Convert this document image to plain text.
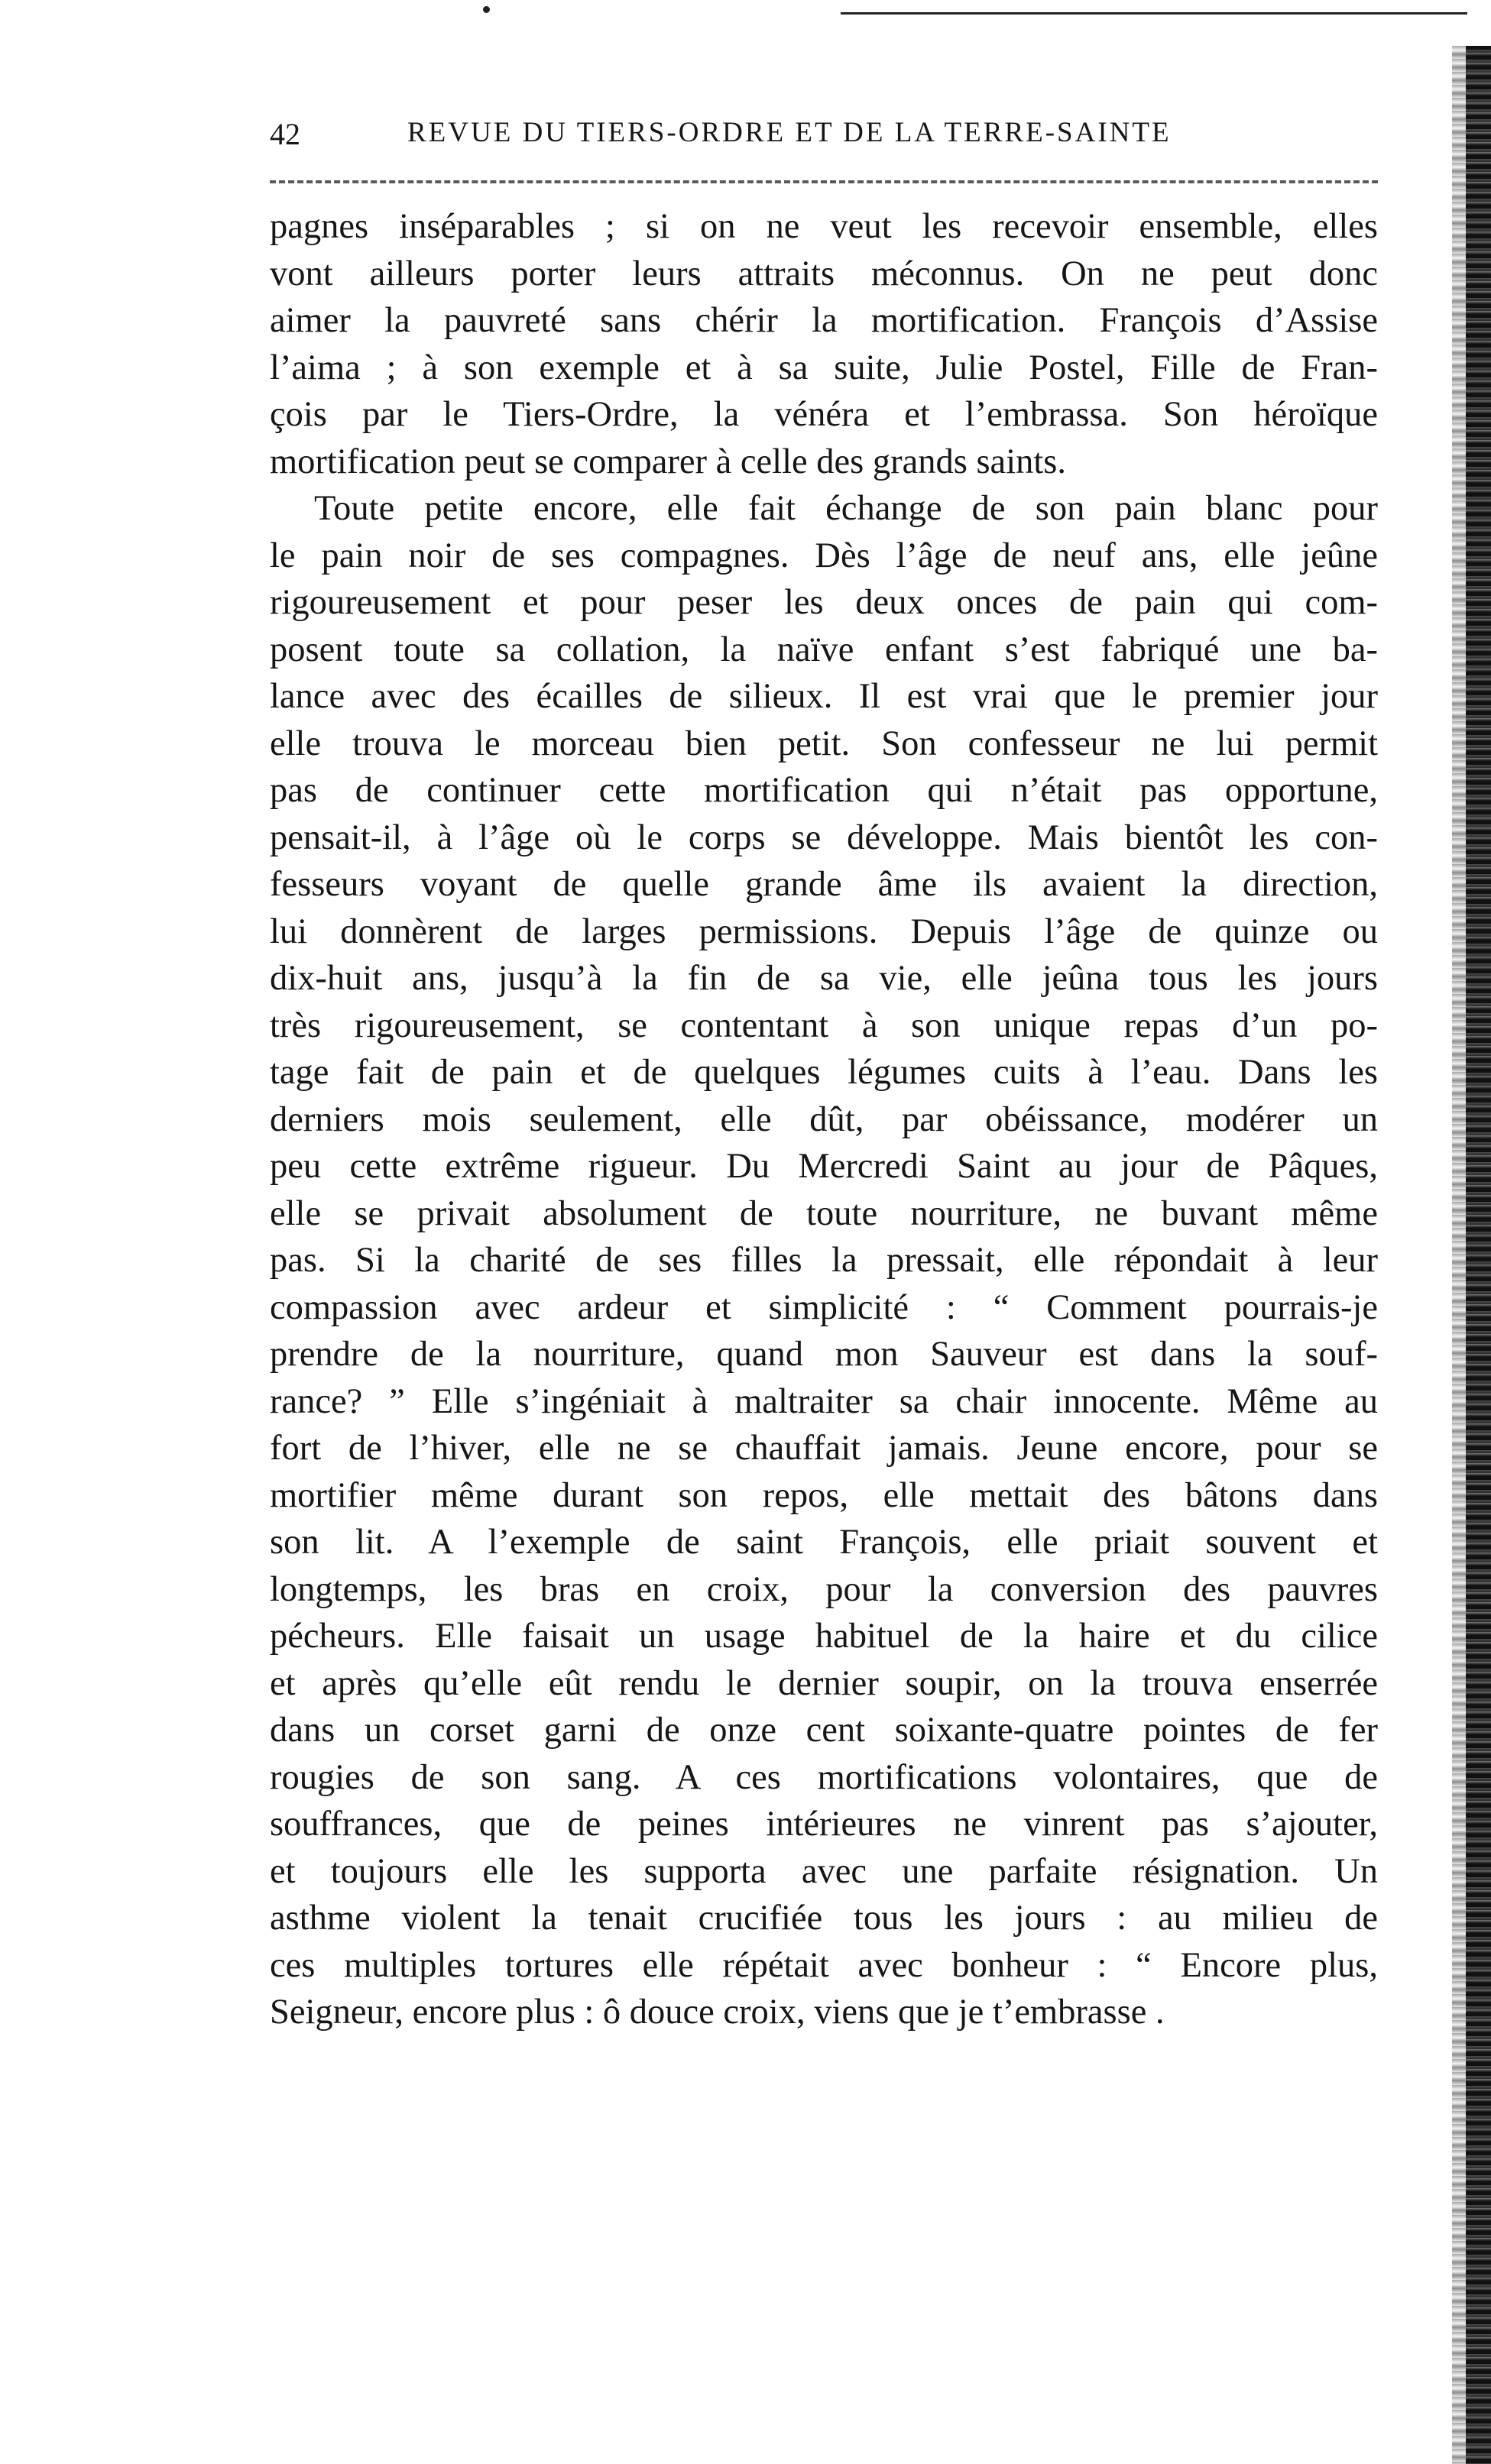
42	REVUE DU TIERS-ORDRE ET DE LA TERRE-SAINTE
pagnes inséparables ; si on ne veut les recevoir ensemble, elles
vont ailleurs porter leurs attraits méconnus. On ne peut donc
aimer la pauvreté sans chérir la mortification. François d’Assise
l’aima ; à son exemple et à sa suite, Julie Postel, Fille de Fran-
çois par le Tiers-Ordre, la vénéra et l’embrassa. Son héroïque
mortification peut se comparer à celle des grands saints.
Toute petite encore, elle fait échange de son pain blanc pour
le pain noir de ses compagnes. Dès l’âge de neuf ans, elle jeûne
rigoureusement et pour peser les deux onces de pain qui com-
posent toute sa collation, la naïve enfant s’est fabriqué une ba-
lance avec des écailles de silieux. Il est vrai que le premier jour
elle trouva le morceau bien petit. Son confesseur ne lui permit
pas de continuer cette mortification qui n’était pas opportune,
pensait-il, à l’âge où le corps se développe. Mais bientôt les con-
fesseurs voyant de quelle grande âme ils avaient la direction,
lui donnèrent de larges permissions. Depuis l’âge de quinze ou
dix-huit ans, jusqu’à la fin de sa vie, elle jeûna tous les jours
très rigoureusement, se contentant à son unique repas d’un po-
tage fait de pain et de quelques légumes cuits à l’eau. Dans les
derniers mois seulement, elle dût, par obéissance, modérer un
peu cette extrême rigueur. Du Mercredi Saint au jour de Pâques,
elle se privait absolument de toute nourriture, ne buvant même
pas. Si la charité de ses filles la pressait, elle répondait à leur
compassion avec ardeur et simplicité : “ Comment pourrais-je
prendre de la nourriture, quand mon Sauveur est dans la souf-
rance? ” Elle s’ingéniait à maltraiter sa chair innocente. Même au
fort de l’hiver, elle ne se chauffait jamais. Jeune encore, pour se
mortifier même durant son repos, elle mettait des bâtons dans
son lit. A l’exemple de saint François, elle priait souvent et
longtemps, les bras en croix, pour la conversion des pauvres
pécheurs. Elle faisait un usage habituel de la haire et du cilice
et après qu’elle eût rendu le dernier soupir, on la trouva enserrée
dans un corset garni de onze cent soixante-quatre pointes de fer
rougies de son sang. A ces mortifications volontaires, que de
souffrances, que de peines intérieures ne vinrent pas s’ajouter,
et toujours elle les supporta avec une parfaite résignation. Un
asthme violent la tenait crucifiée tous les jours : au milieu de
ces multiples tortures elle répétait avec bonheur : “ Encore plus,
Seigneur, encore plus : ô douce croix, viens que je t’embrasse .
